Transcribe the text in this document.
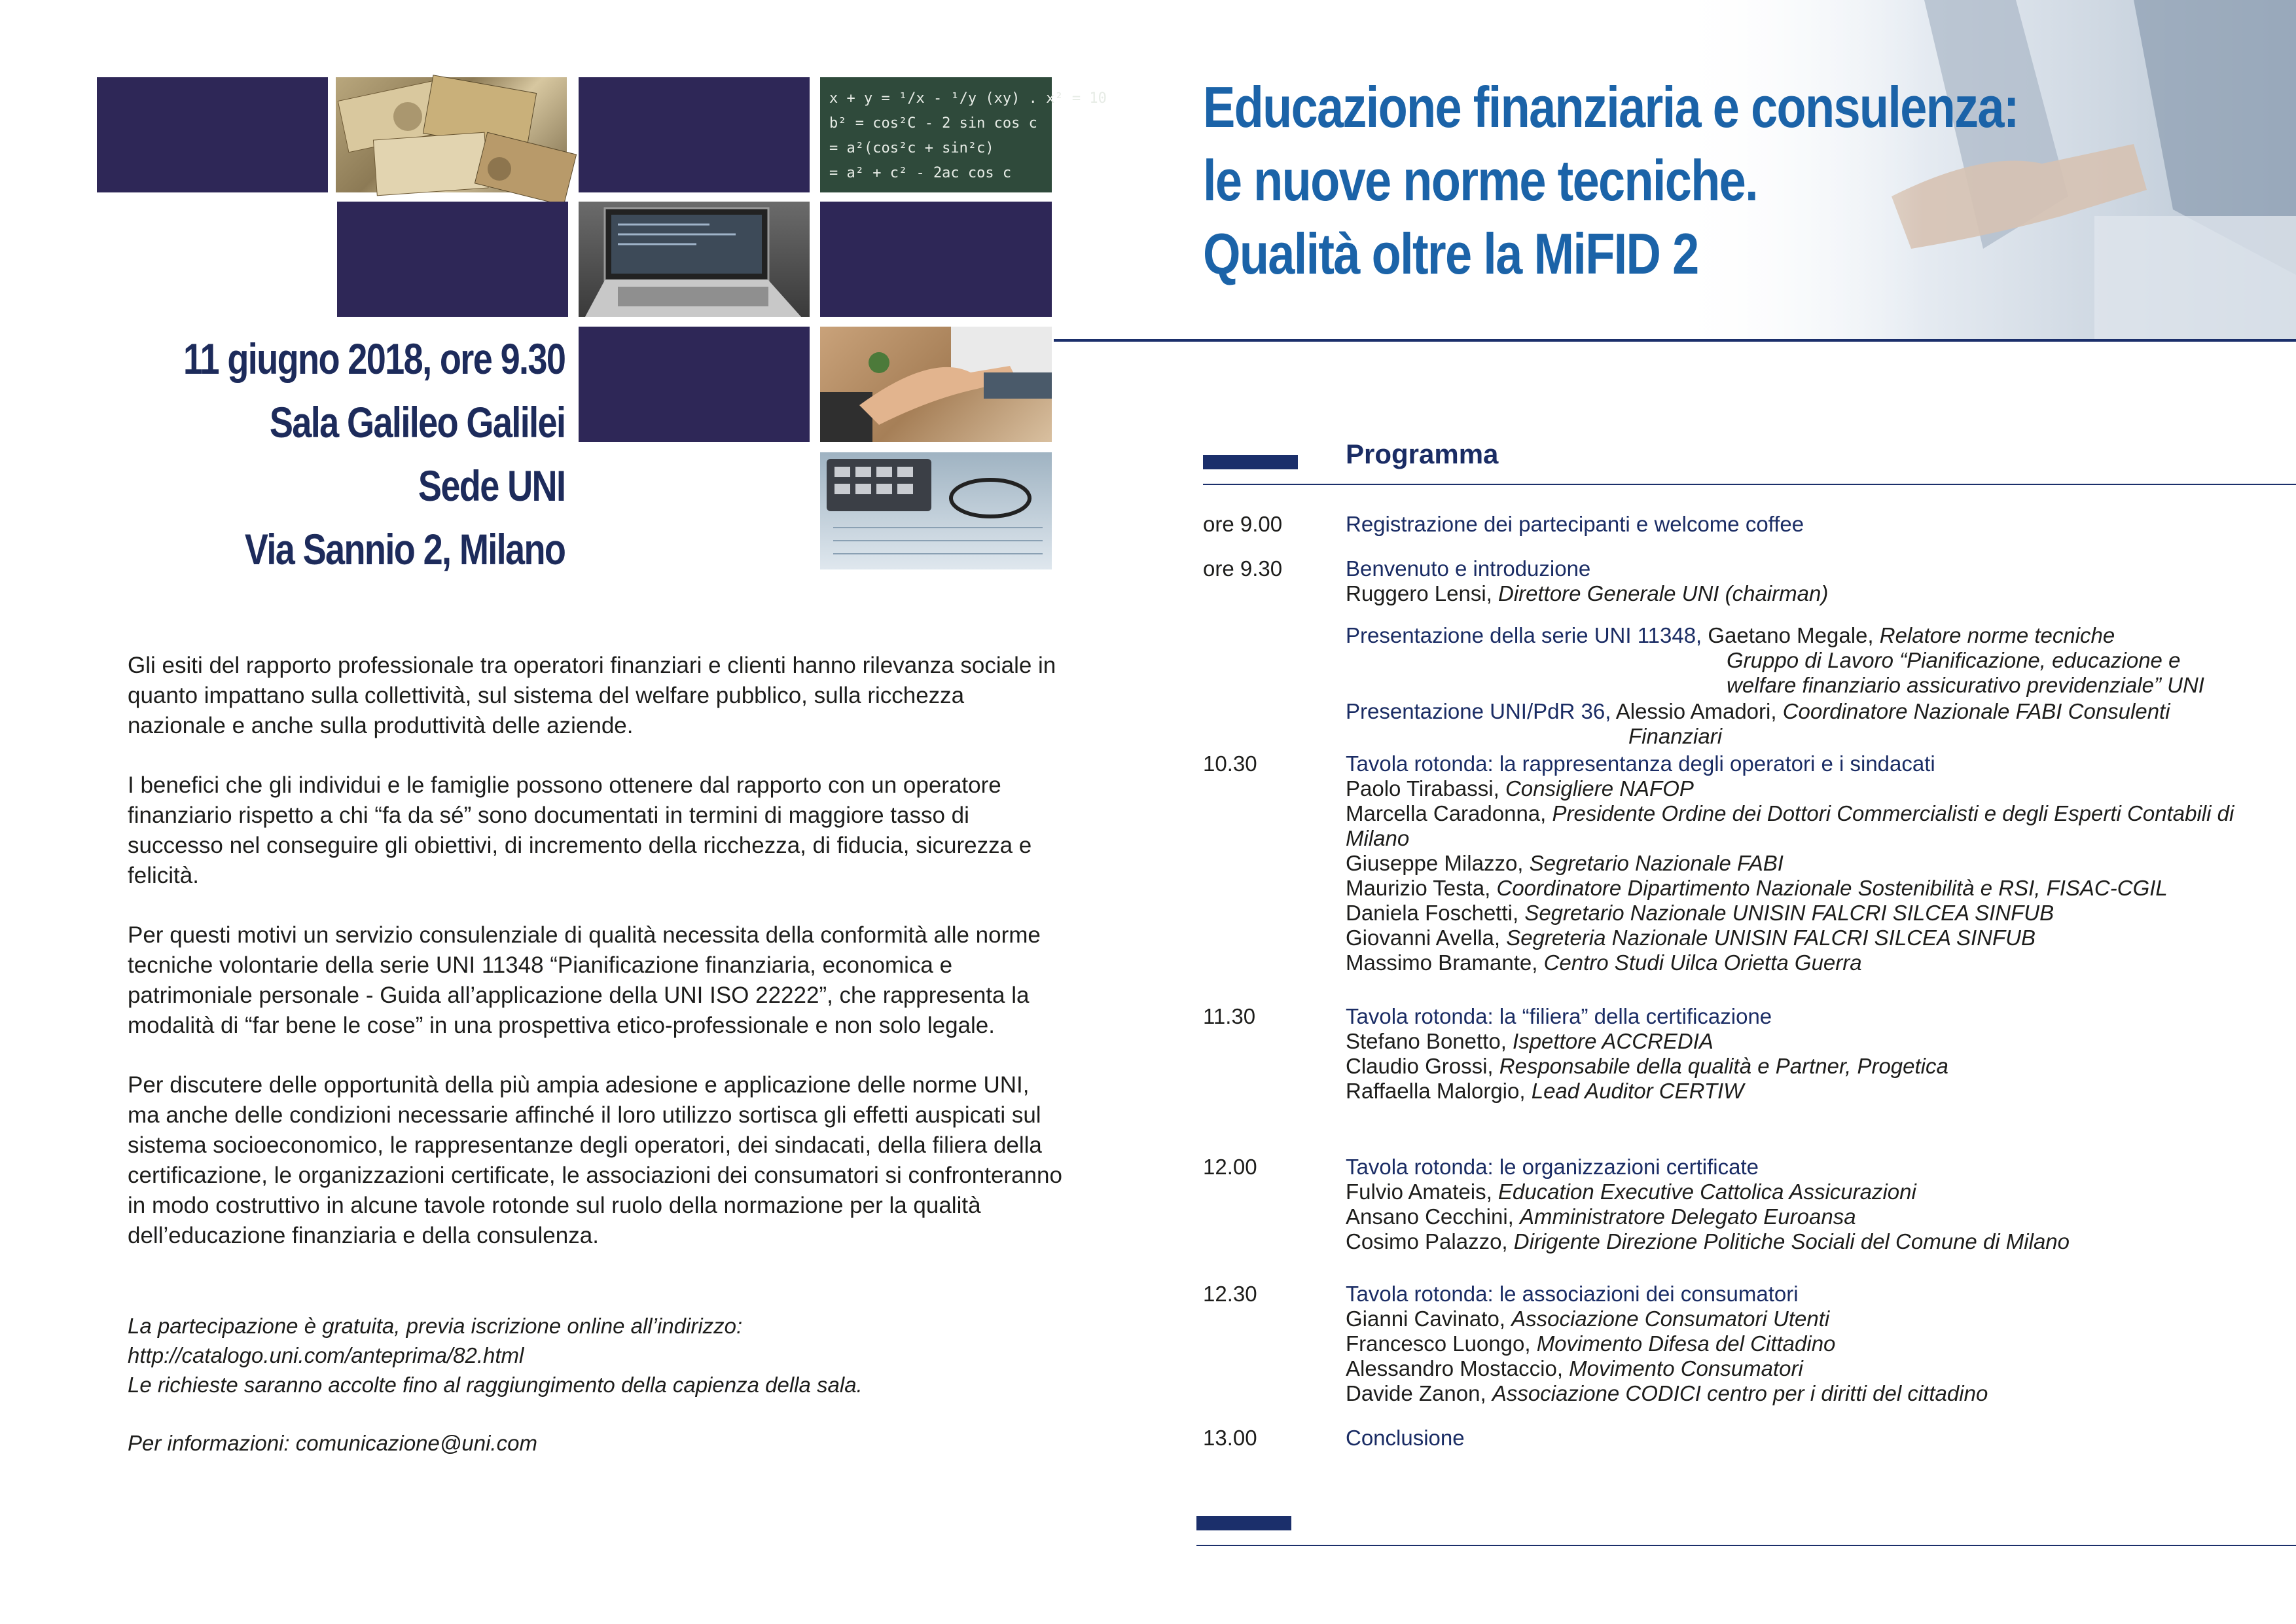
x + y = ¹/x - ¹/y (xy) . x² = 10
b² = cos²C - 2 sin cos c
= a²(cos²c + sin²c)
= a² + c² - 2ac cos c
11 giugno 2018, ore 9.30
Sala Galileo Galilei
Sede UNI
Via Sannio 2, Milano

Gli esiti del rapporto professionale tra operatori finanziari e clienti hanno rilevanza sociale in quanto impattano sulla collettività, sul sistema del welfare pubblico, sulla ricchezza nazionale e anche sulla produttività delle aziende.

I benefici che gli individui e le famiglie possono ottenere dal rapporto con un operatore finanziario rispetto a chi “fa da sé” sono documentati in termini di maggiore tasso di successo nel conseguire gli obiettivi, di incremento della ricchezza, di fiducia, sicurezza e felicità.

Per questi motivi un servizio consulenziale di qualità necessita della conformità alle norme tecniche volontarie della serie UNI 11348 “Pianificazione finanziaria, economica e patrimoniale personale - Guida all’applicazione della UNI ISO 22222”, che rappresenta la modalità di “far bene le cose” in una prospettiva etico-professionale e non solo legale.

Per discutere delle opportunità della più ampia adesione e applicazione delle norme UNI, ma anche delle condizioni necessarie affinché il loro utilizzo sortisca gli effetti auspicati sul sistema socioeconomico, le rappresentanze degli operatori, dei sindacati, della filiera della certificazione, le organizzazioni certificate, le associazioni dei consumatori si confronteranno in modo costruttivo in alcune tavole rotonde sul ruolo della normazione per la qualità dell’educazione finanziaria e della consulenza.

La partecipazione è gratuita, previa iscrizione online all’indirizzo:
http://catalogo.uni.com/anteprima/82.html
Le richieste saranno accolte fino al raggiungimento della capienza della sala.
Per informazioni: comunicazione@uni.com
Educazione finanziaria e consulenza:
le nuove norme tecniche.
Qualità oltre la MiFID 2
Programma
ore 9.00	Registrazione dei partecipanti e welcome coffee
ore 9.30	Benvenuto e introduzione
Ruggero Lensi, Direttore Generale UNI (chairman)
Presentazione della serie UNI 11348, Gaetano Megale, Relatore norme tecniche
Gruppo di Lavoro “Pianificazione, educazione e
welfare finanziario assicurativo previdenziale” UNI
Presentazione UNI/PdR 36, Alessio Amadori, Coordinatore Nazionale FABI Consulenti
Finanziari
10.30	Tavola rotonda: la rappresentanza degli operatori e i sindacati
Paolo Tirabassi, Consigliere NAFOP
Marcella Caradonna, Presidente Ordine dei Dottori Commercialisti e degli Esperti Contabili di Milano
Giuseppe Milazzo, Segretario Nazionale FABI
Maurizio Testa, Coordinatore Dipartimento Nazionale Sostenibilità e RSI, FISAC-CGIL
Daniela Foschetti, Segretario Nazionale UNISIN FALCRI SILCEA SINFUB
Giovanni Avella, Segreteria Nazionale UNISIN FALCRI SILCEA SINFUB
Massimo Bramante, Centro Studi Uilca Orietta Guerra
11.30	Tavola rotonda: la “filiera” della certificazione
Stefano Bonetto, Ispettore ACCREDIA
Claudio Grossi, Responsabile della qualità e Partner, Progetica
Raffaella Malorgio, Lead Auditor CERTIW
12.00	Tavola rotonda: le organizzazioni certificate
Fulvio Amateis, Education Executive Cattolica Assicurazioni
Ansano Cecchini, Amministratore Delegato Euroansa
Cosimo Palazzo, Dirigente Direzione Politiche Sociali del Comune di Milano
12.30	Tavola rotonda: le associazioni dei consumatori
Gianni Cavinato, Associazione Consumatori Utenti
Francesco Luongo, Movimento Difesa del Cittadino
Alessandro Mostaccio, Movimento Consumatori
Davide Zanon, Associazione CODICI centro per i diritti del cittadino
13.00	Conclusione
